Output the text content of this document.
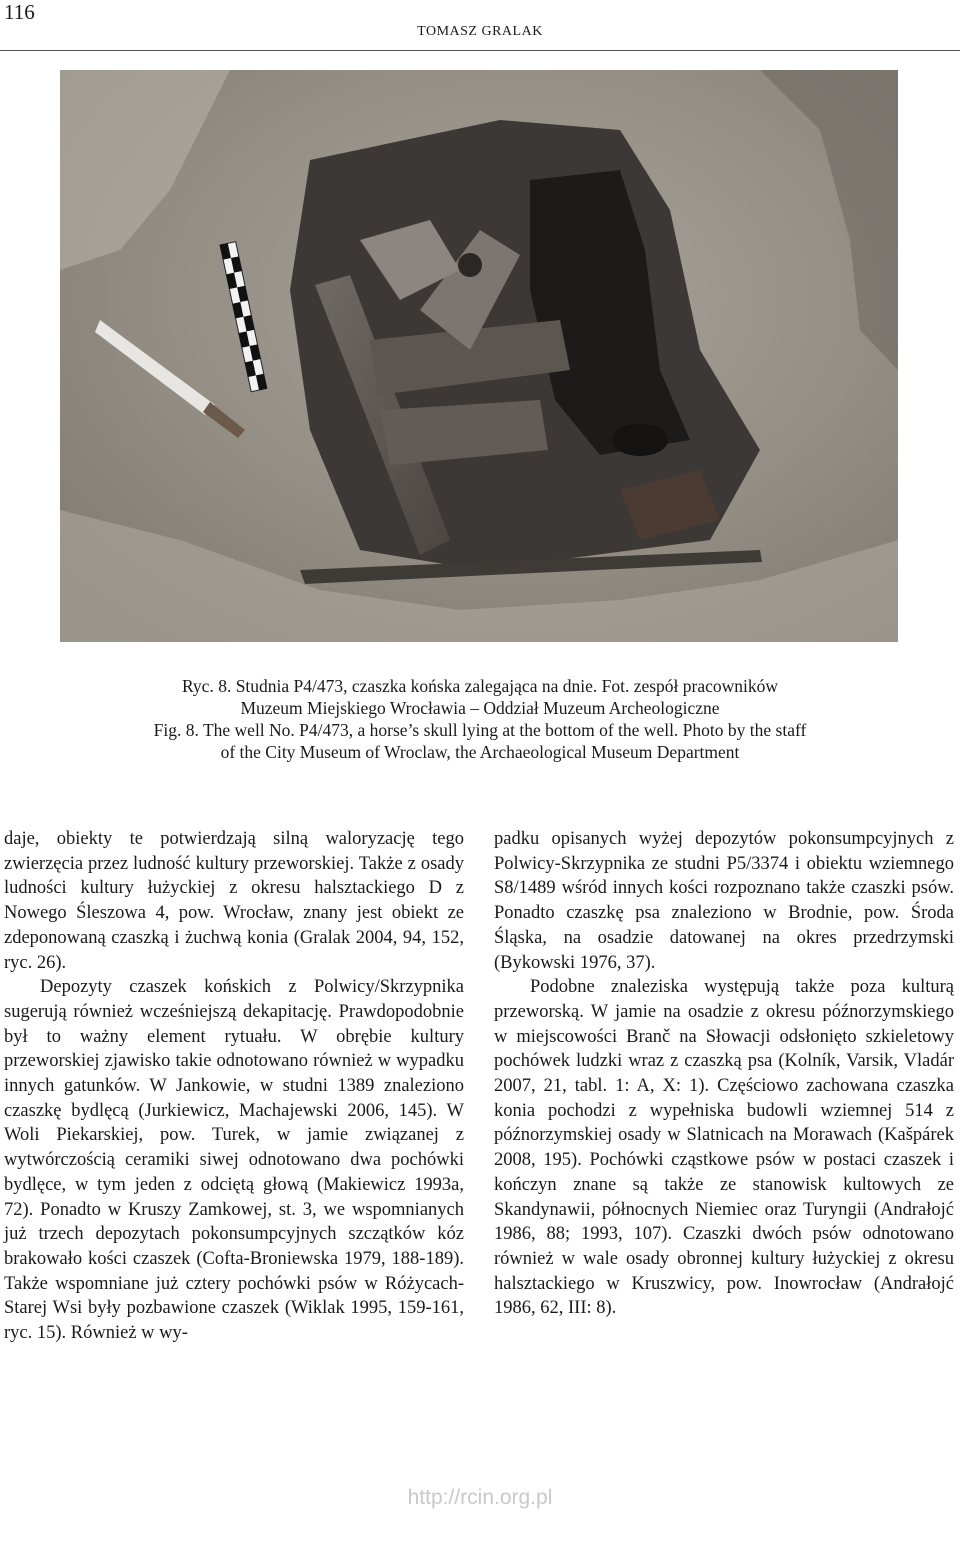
116
TOMASZ GRALAK

Ryc. 8. Studnia P4/473, czaszka końska zalegająca na dnie. Fot. zespół pracowników

Muzeum Miejskiego Wrocławia – Oddział Muzeum Archeologiczne

Fig. 8. The well No. P4/473, a horse’s skull lying at the bottom of the well. Photo by the staff

of the City Museum of Wroclaw, the Archaeological Museum Department

daje, obiekty te potwierdzają silną waloryzację tego zwierzęcia przez ludność kultury przeworskiej. Także z osady ludności kultury łużyckiej z okresu halsztackiego D z Nowego Śleszowa 4, pow. Wrocław, znany jest obiekt ze zdeponowaną czaszką i żuchwą konia (Gralak 2004, 94, 152, ryc. 26).

Depozyty czaszek końskich z Polwicy/Skrzypnika sugerują również wcześniejszą dekapitację. Prawdopodobnie był to ważny element rytuału. W obrębie kultury przeworskiej zjawisko takie odnotowano również w wypadku innych gatunków. W Jankowie, w studni 1389 znaleziono czaszkę bydlęcą (Jurkiewicz, Machajewski 2006, 145). W Woli Piekarskiej, pow. Turek, w jamie związanej z wytwórczością ceramiki siwej odnotowano dwa pochówki bydlęce, w tym jeden z odciętą głową (Makiewicz 1993a, 72). Ponadto w Kruszy Zamkowej, st. 3, we wspomnianych już trzech depozytach pokonsumpcyjnych szczątków kóz brakowało kości czaszek (Cofta-Broniewska 1979, 188-189). Także wspomniane już cztery pochówki psów w Różycach-Starej Wsi były pozbawione czaszek (Wiklak 1995, 159-161, ryc. 15). Również w wy-

padku opisanych wyżej depozytów pokonsumpcyjnych z Polwicy-Skrzypnika ze studni P5/3374 i obiektu wziemnego S8/1489 wśród innych kości rozpoznano także czaszki psów. Ponadto czaszkę psa znaleziono w Brodnie, pow. Środa Śląska, na osadzie datowanej na okres przedrzymski (Bykowski 1976, 37).

Podobne znaleziska występują także poza kulturą przeworską. W jamie na osadzie z okresu późnorzymskiego w miejscowości Branč na Słowacji odsłonięto szkieletowy pochówek ludzki wraz z czaszką psa (Kolník, Varsik, Vladár 2007, 21, tabl. 1: A, X: 1). Częściowo zachowana czaszka konia pochodzi z wypełniska budowli wziemnej 514 z późnorzymskiej osady w Slatnicach na Morawach (Kašpárek 2008, 195). Pochówki cząstkowe psów w postaci czaszek i kończyn znane są także ze stanowisk kultowych ze Skandynawii, północnych Niemiec oraz Turyngii (Andrałojć 1986, 88; 1993, 107). Czaszki dwóch psów odnotowano również w wale osady obronnej kultury łużyckiej z okresu halsztackiego w Kruszwicy, pow. Inowrocław (Andrałojć 1986, 62, III: 8).

http://rcin.org.pl
